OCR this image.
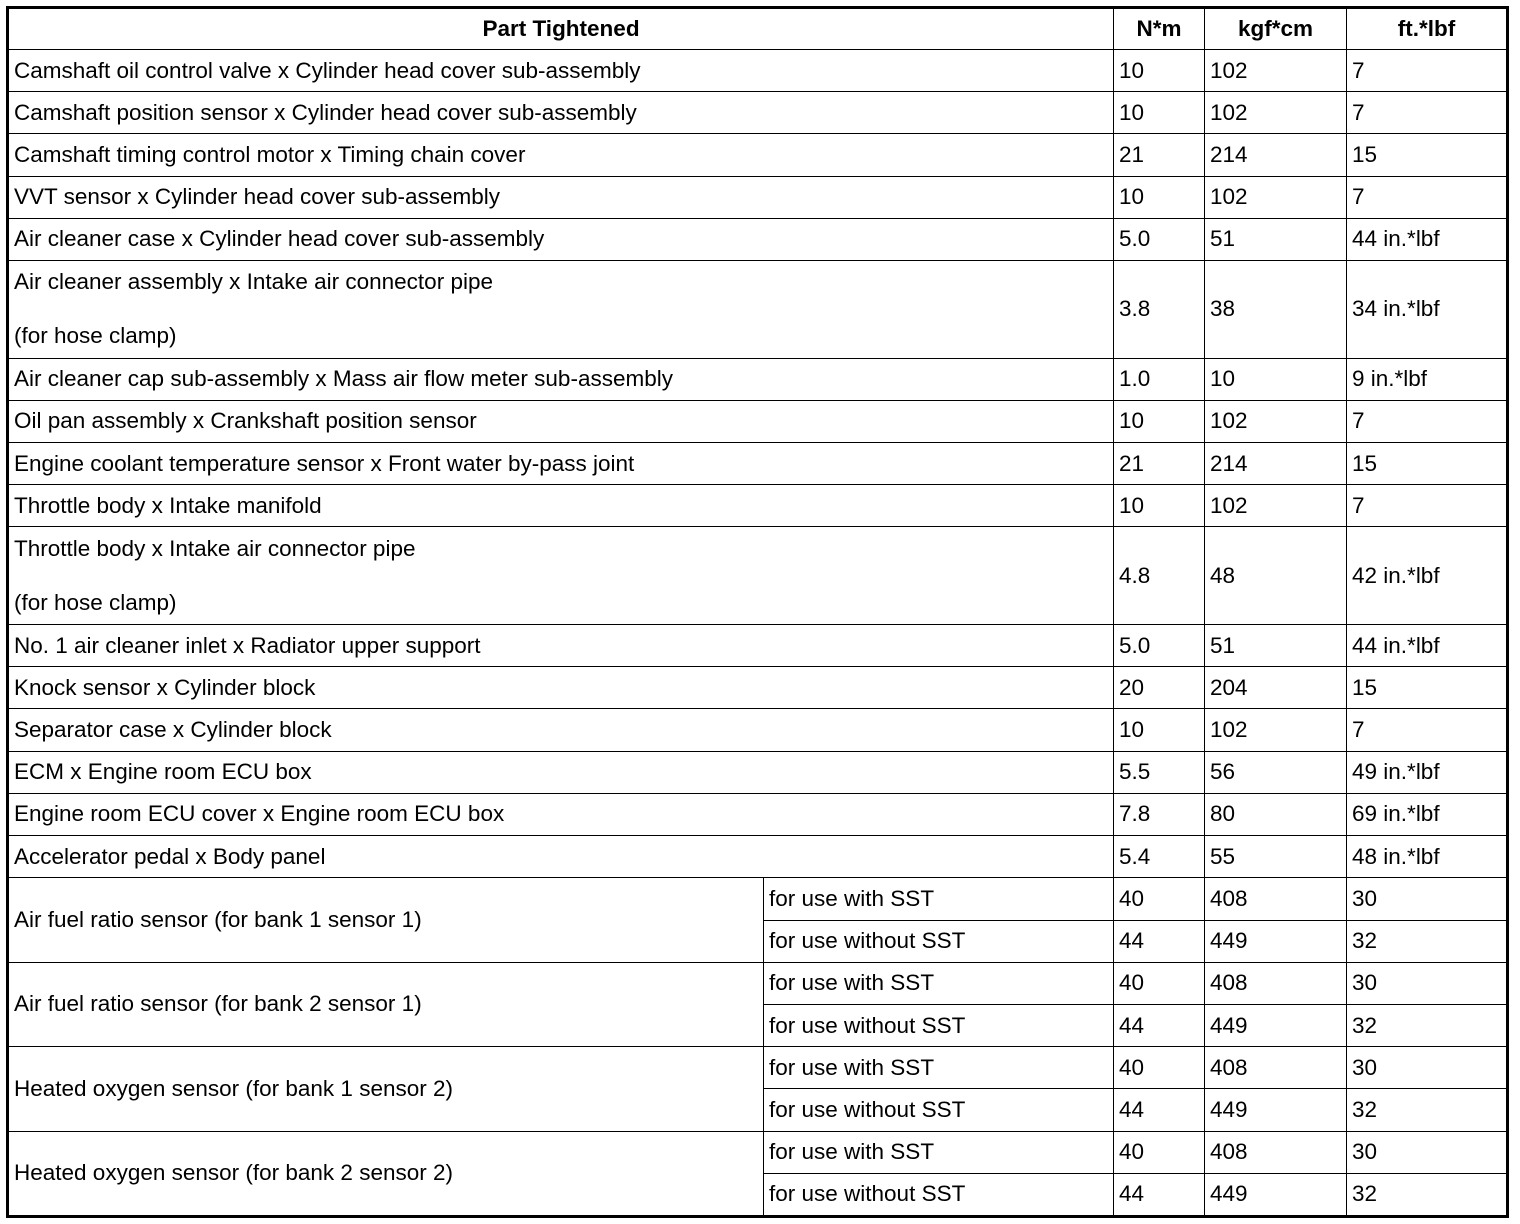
Part Tightened		N*m	kgf*cm	ft.*lbf
Camshaft oil control valve x Cylinder head cover sub-assembly		10	102	7
Camshaft position sensor x Cylinder head cover sub-assembly		10	102	7
Camshaft timing control motor x Timing chain cover		21	214	15
VVT sensor x Cylinder head cover sub-assembly		10	102	7
Air cleaner case x Cylinder head cover sub-assembly		5.0	51	44 in.*lbf
Air cleaner assembly x Intake air connector pipe
(for hose clamp)		3.8	38	34 in.*lbf
Air cleaner cap sub-assembly x Mass air flow meter sub-assembly		1.0	10	9 in.*lbf
Oil pan assembly x Crankshaft position sensor		10	102	7
Engine coolant temperature sensor x Front water by-pass joint		21	214	15
Throttle body x Intake manifold		10	102	7
Throttle body x Intake air connector pipe
(for hose clamp)		4.8	48	42 in.*lbf
No. 1 air cleaner inlet x Radiator upper support		5.0	51	44 in.*lbf
Knock sensor x Cylinder block		20	204	15
Separator case x Cylinder block		10	102	7
ECM x Engine room ECU box		5.5	56	49 in.*lbf
Engine room ECU cover x Engine room ECU box		7.8	80	69 in.*lbf
Accelerator pedal x Body panel		5.4	55	48 in.*lbf
Air fuel ratio sensor (for bank 1 sensor 1)	for use with SST	40	408	30
	for use without SST	44	449	32
Air fuel ratio sensor (for bank 2 sensor 1)	for use with SST	40	408	30
	for use without SST	44	449	32
Heated oxygen sensor (for bank 1 sensor 2)	for use with SST	40	408	30
	for use without SST	44	449	32
Heated oxygen sensor (for bank 2 sensor 2)	for use with SST	40	408	30
	for use without SST	44	449	32
